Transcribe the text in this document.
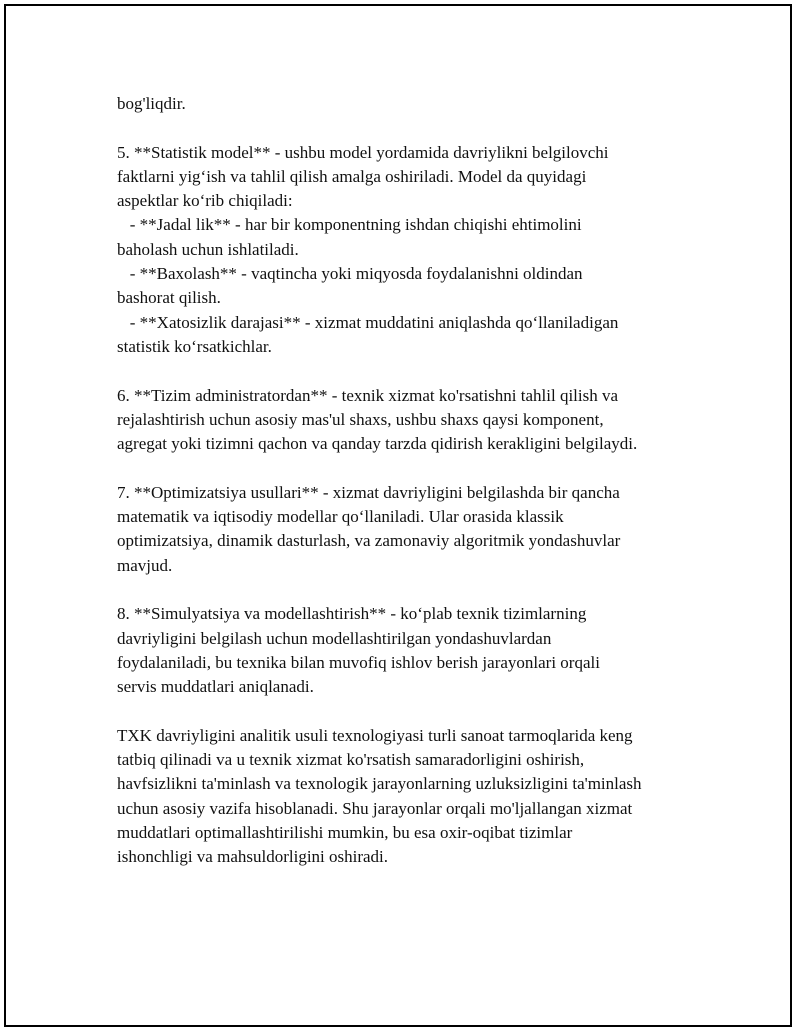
bog'liqdir.
5. **Statistik model** - ushbu model yordamida davriylikni belgilovchi
faktlarni yig‘ish va tahlil qilish amalga oshiriladi. Model da quyidagi
aspektlar ko‘rib chiqiladi:
- **Jadal lik** - har bir komponentning ishdan chiqishi ehtimolini
baholash uchun ishlatiladi.
- **Baxolash** - vaqtincha yoki miqyosda foydalanishni oldindan
bashorat qilish.
- **Xatosizlik darajasi** - xizmat muddatini aniqlashda qo‘llaniladigan
statistik ko‘rsatkichlar.
6. **Tizim administratordan** - texnik xizmat ko'rsatishni tahlil qilish va
rejalashtirish uchun asosiy mas'ul shaxs, ushbu shaxs qaysi komponent,
agregat yoki tizimni qachon va qanday tarzda qidirish kerakligini belgilaydi.
7. **Optimizatsiya usullari** - xizmat davriyligini belgilashda bir qancha
matematik va iqtisodiy modellar qo‘llaniladi. Ular orasida klassik
optimizatsiya, dinamik dasturlash, va zamonaviy algoritmik yondashuvlar
mavjud.
8. **Simulyatsiya va modellashtirish** - ko‘plab texnik tizimlarning
davriyligini belgilash uchun modellashtirilgan yondashuvlardan
foydalaniladi, bu texnika bilan muvofiq ishlov berish jarayonlari orqali
servis muddatlari aniqlanadi.
TXK davriyligini analitik usuli texnologiyasi turli sanoat tarmoqlarida keng
tatbiq qilinadi va u texnik xizmat ko'rsatish samaradorligini oshirish,
havfsizlikni ta'minlash va texnologik jarayonlarning uzluksizligini ta'minlash
uchun asosiy vazifa hisoblanadi. Shu jarayonlar orqali mo'ljallangan xizmat
muddatlari optimallashtirilishi mumkin, bu esa oxir-oqibat tizimlar
ishonchligi va mahsuldorligini oshiradi.
